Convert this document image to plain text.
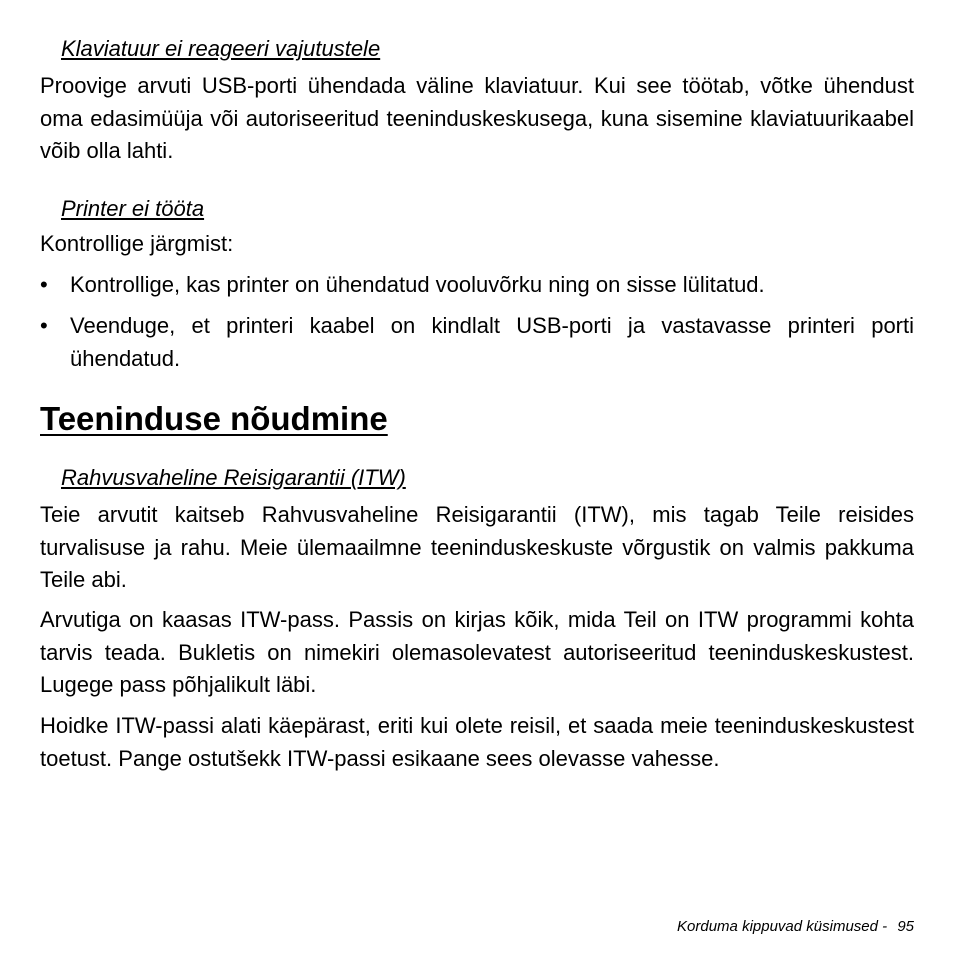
Klaviatuur ei reageeri vajutustele
Proovige arvuti USB-porti ühendada väline klaviatuur. Kui see töötab, võtke ühendust oma edasimüüja või autoriseeritud teeninduskeskusega, kuna sisemine klaviatuurikaabel võib olla lahti.
Printer ei tööta
Kontrollige järgmist:
•	Kontrollige, kas printer on ühendatud vooluvõrku ning on sisse lülitatud.
•	Veenduge, et printeri kaabel on kindlalt USB-porti ja vastavasse printeri porti ühendatud.
Teeninduse nõudmine
Rahvusvaheline Reisigarantii (ITW)
Teie arvutit kaitseb Rahvusvaheline Reisigarantii (ITW), mis tagab Teile reisides turvalisuse ja rahu. Meie ülemaailmne teeninduskeskuste võrgustik on valmis pakkuma Teile abi.
Arvutiga on kaasas ITW-pass. Passis on kirjas kõik, mida Teil on ITW programmi kohta tarvis teada. Bukletis on nimekiri olemasolevatest autoriseeritud teeninduskeskustest. Lugege pass põhjalikult läbi.
Hoidke ITW-passi alati käepärast, eriti kui olete reisil, et saada meie teeninduskeskustest toetust. Pange ostutšekk ITW-passi esikaane sees olevasse vahesse.
Korduma kippuvad küsimused - 95
